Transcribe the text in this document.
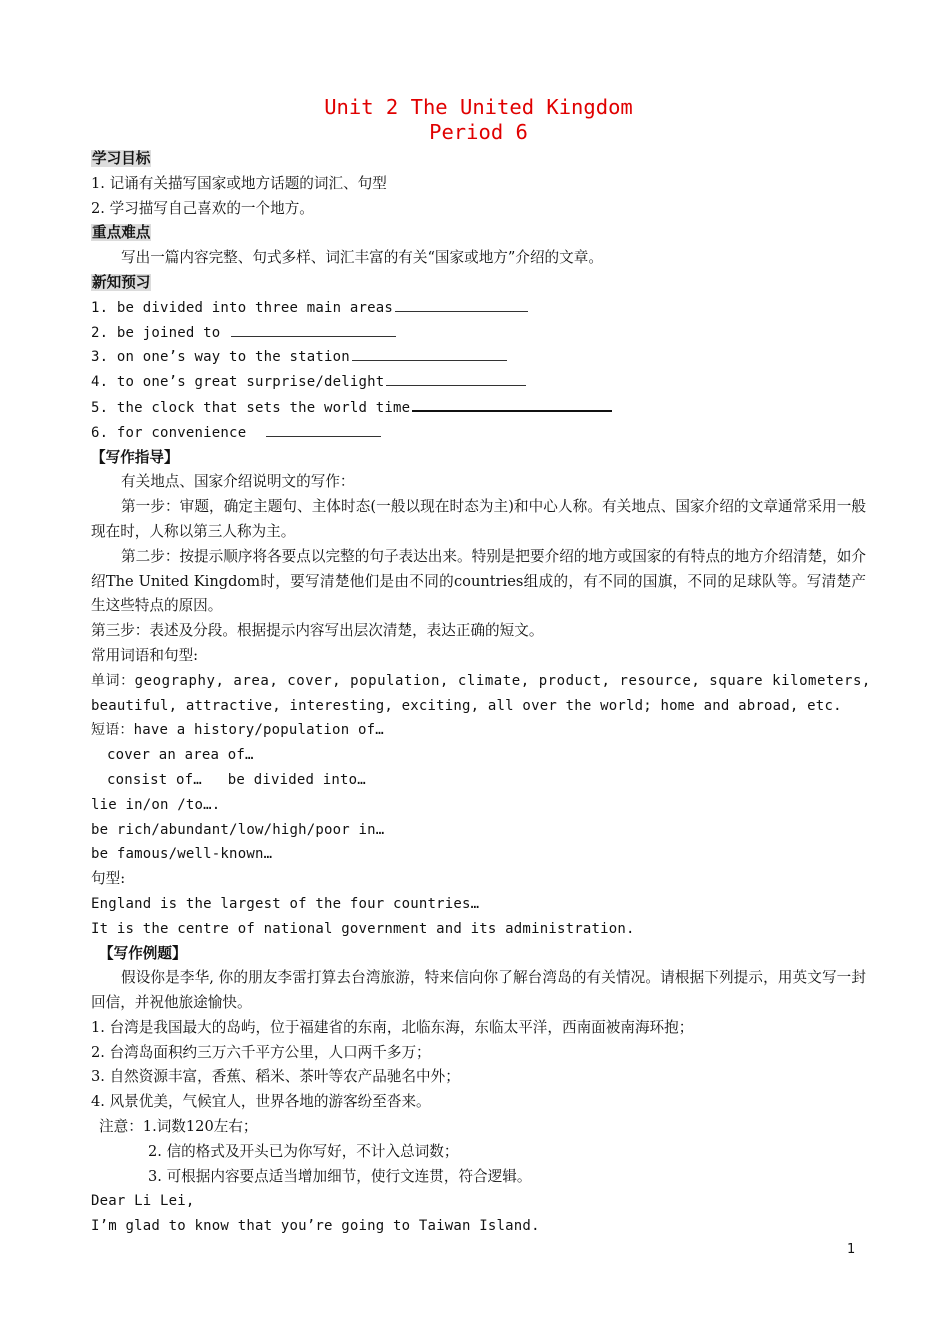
Unit 2 The United Kingdom
Period 6
学习目标
1. 记诵有关描写国家或地方话题的词汇、句型
2. 学习描写自己喜欢的一个地方。
重点难点
写出一篇内容完整、句式多样、词汇丰富的有关“国家或地方”介绍的文章。
新知预习
1. be divided into three main areas
2. be joined to
3. on one’s way to the station
4. to one’s great surprise/delight
5. the clock that sets the world time
6. for convenience
【写作指导】
有关地点、国家介绍说明文的写作：
第一步：审题，确定主题句、主体时态(一般以现在时态为主)和中心人称。有关地点、国家介绍的文章通常采用一般现在时，人称以第三人称为主。
第二步：按提示顺序将各要点以完整的句子表达出来。特别是把要介绍的地方或国家的有特点的地方介绍清楚，如介绍The United Kingdom时，要写清楚他们是由不同的countries组成的，有不同的国旗，不同的足球队等。写清楚产生这些特点的原因。
第三步：表述及分段。根据提示内容写出层次清楚，表达正确的短文。
常用词语和句型:
单词：geography, area, cover, population, climate, product, resource, square kilometers,
beautiful, attractive, interesting, exciting, all over the world; home and abroad, etc.
短语：have a history/population of…
cover an area of…
consist of…   be divided into…
lie in/on /to….
be rich/abundant/low/high/poor in…
be famous/well-known…
句型:
England is the largest of the four countries…
It is the centre of national government and its administration.
【写作例题】
假设你是李华, 你的朋友李雷打算去台湾旅游，特来信向你了解台湾岛的有关情况。请根据下列提示，用英文写一封回信，并祝他旅途愉快。
1. 台湾是我国最大的岛屿，位于福建省的东南，北临东海，东临太平洋，西南面被南海环抱；
2. 台湾岛面积约三万六千平方公里，人口两千多万；
3. 自然资源丰富，香蕉、稻米、茶叶等农产品驰名中外；
4. 风景优美，气候宜人，世界各地的游客纷至沓来。
注意：1.词数120左右；
2. 信的格式及开头已为你写好，不计入总词数；
3. 可根据内容要点适当增加细节，使行文连贯，符合逻辑。
Dear Li Lei,
I’m glad to know that you’re going to Taiwan Island.
1
